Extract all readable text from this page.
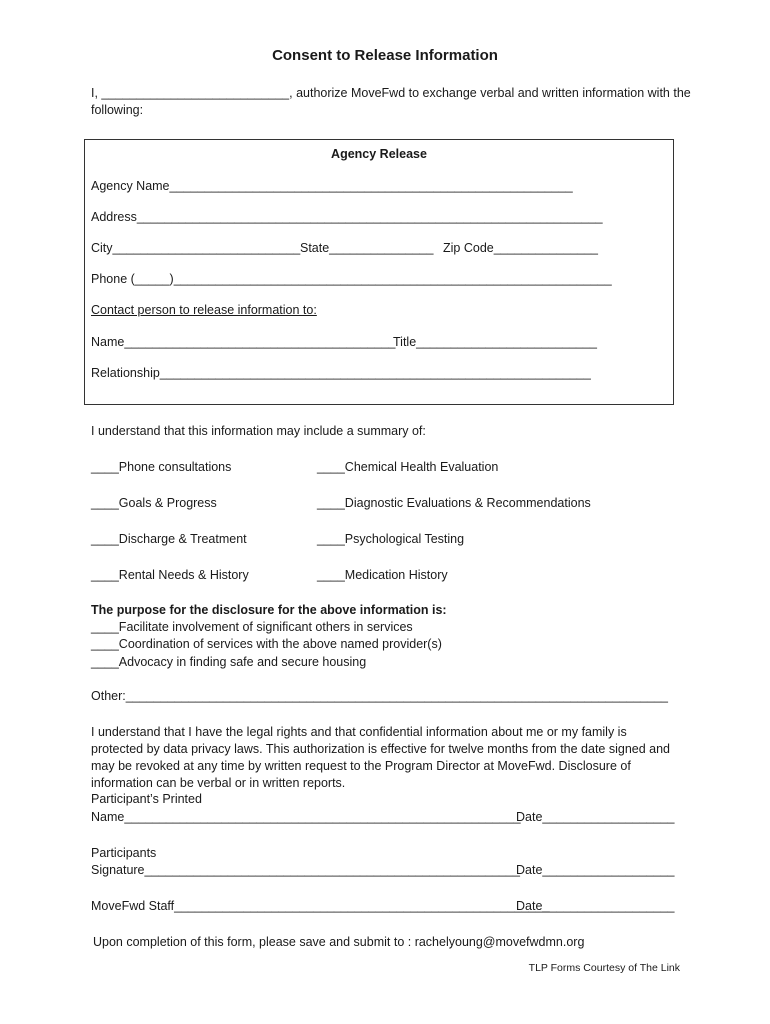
Consent to Release Information
I, ___________________________, authorize MoveFwd to exchange verbal and written information with the following:
Agency Release
Agency Name__________________________________________________________
Address___________________________________________________________________
City___________________________ State_______________ Zip Code_______________
Phone (_____)_______________________________________________________________
Contact person to release information to:
Name_______________________________________
Title__________________________
Relationship______________________________________________________________
I understand that this information may include a summary of:
____Phone consultations
____Goals & Progress
____Discharge & Treatment
____Rental Needs & History
____Chemical Health Evaluation
____Diagnostic Evaluations & Recommendations
____Psychological Testing
____Medication History
The purpose for the disclosure for the above information is:
____Facilitate involvement of significant others in services
____Coordination of services with the above named provider(s)
____Advocacy in finding safe and secure housing
Other:______________________________________________________________________________
I understand that I have the legal rights and that confidential information about me or my family is protected by data privacy laws. This authorization is effective for twelve months from the date signed and may be revoked at any time by written request to the Program Director at MoveFwd. Disclosure of information can be verbal or in written reports.
Participant’s Printed
Name_________________________________________________________
Date___________________
Participants
Signature______________________________________________________
Date___________________
MoveFwd Staff______________________________________________________
Date___________________
Upon completion of this form, please save and submit to : rachelyoung@movefwdmn.org
TLP Forms Courtesy of The Link
